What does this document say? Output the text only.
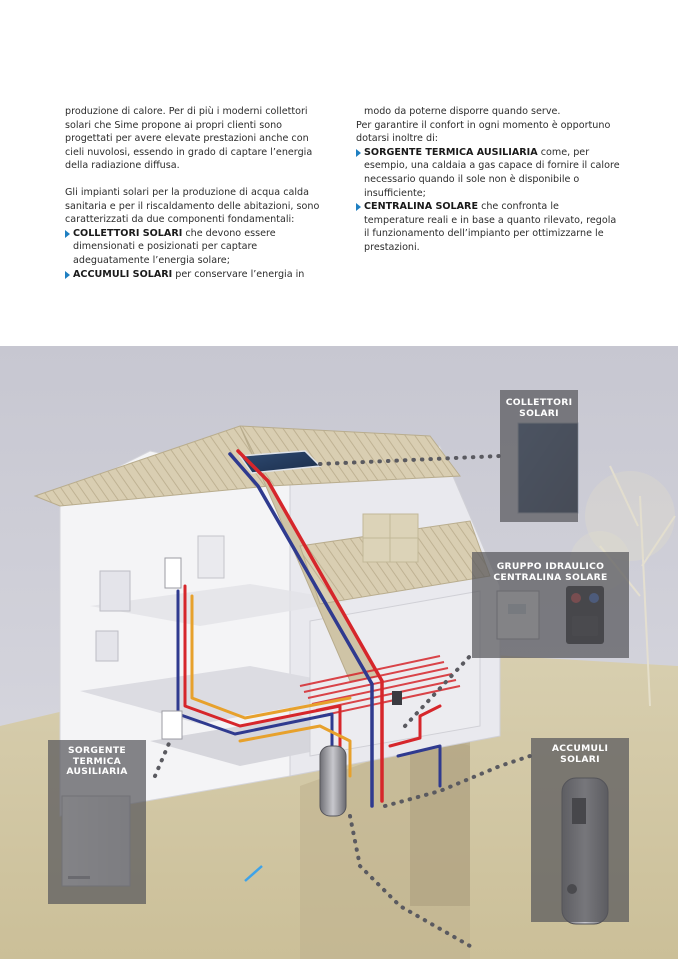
produzione di calore. Per di più i moderni collettori solari che Sime propone ai propri clienti sono progettati per avere elevate prestazioni anche con cieli nuvolosi, essendo in grado di captare l’energia della radiazione diffusa.

Gli impianti solari per la produzione di acqua calda sanitaria e per il riscaldamento delle abitazioni, sono caratterizzati da due componenti fondamentali:

COLLETTORI SOLARI che devono essere dimensionati e posizionati per captare adeguatamente l’energia solare;
ACCUMULI SOLARI per conservare l’energia in

modo da poterne disporre quando serve.

Per garantire il confort in ogni momento è opportuno dotarsi inoltre di:

SORGENTE TERMICA AUSILIARIA come, per esempio, una caldaia a gas capace di fornire il calore necessario quando il sole non è disponibile o insufficiente;
CENTRALINA SOLARE che confronta le temperature reali e in base a quanto rilevato, regola il funzionamento dell’impianto per ottimizzarne le prestazioni.
COLLETTORI
SOLARI
GRUPPO IDRAULICO
CENTRALINA SOLARE
SORGENTE
TERMICA
AUSILIARIA
ACCUMULI
SOLARI
